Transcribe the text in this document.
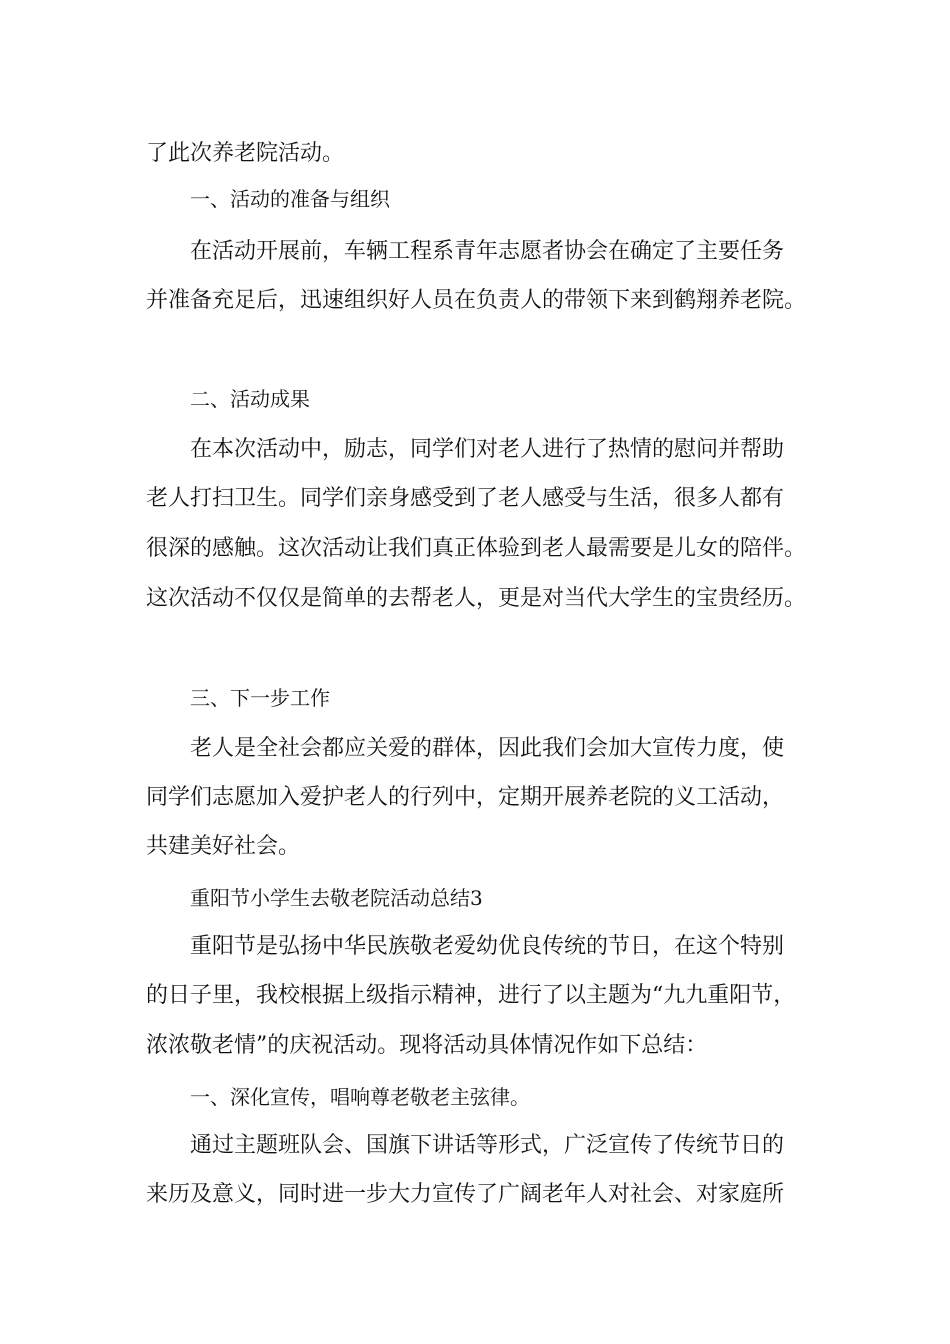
了此次养老院活动。
一、活动的准备与组织
在活动开展前，车辆工程系青年志愿者协会在确定了主要任务
并准备充足后，迅速组织好人员在负责人的带领下来到鹤翔养老院。
二、活动成果
在本次活动中，励志，同学们对老人进行了热情的慰问并帮助
老人打扫卫生。同学们亲身感受到了老人感受与生活，很多人都有
很深的感触。这次活动让我们真正体验到老人最需要是儿女的陪伴。
这次活动不仅仅是简单的去帮老人，更是对当代大学生的宝贵经历。
三、下一步工作
老人是全社会都应关爱的群体，因此我们会加大宣传力度，使
同学们志愿加入爱护老人的行列中，定期开展养老院的义工活动，
共建美好社会。
重阳节小学生去敬老院活动总结3
重阳节是弘扬中华民族敬老爱幼优良传统的节日，在这个特别
的日子里，我校根据上级指示精神，进行了以主题为“九九重阳节，
浓浓敬老情”的庆祝活动。现将活动具体情况作如下总结：
一、深化宣传，唱响尊老敬老主弦律。
通过主题班队会、国旗下讲话等形式，广泛宣传了传统节日的
来历及意义，同时进一步大力宣传了广阔老年人对社会、对家庭所
